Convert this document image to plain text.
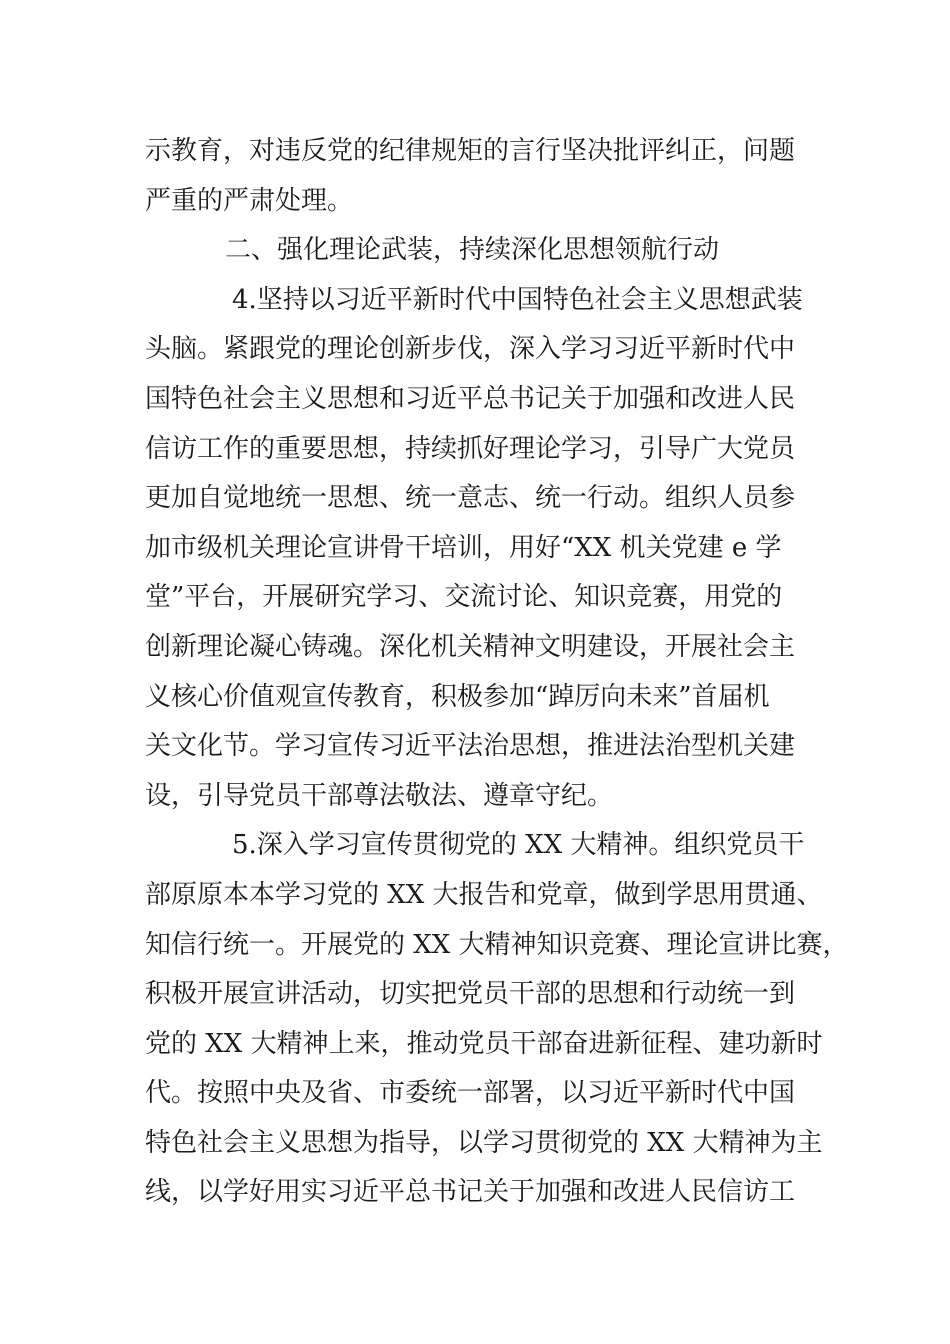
示教育，对违反党的纪律规矩的言行坚决批评纠正，问题
严重的严肃处理。
二、强化理论武装，持续深化思想领航行动
4.坚持以习近平新时代中国特色社会主义思想武装
头脑。紧跟党的理论创新步伐，深入学习习近平新时代中
国特色社会主义思想和习近平总书记关于加强和改进人民
信访工作的重要思想，持续抓好理论学习，引导广大党员
更加自觉地统一思想、统一意志、统一行动。组织人员参
加市级机关理论宣讲骨干培训，用好“XX 机关党建 e 学
堂”平台，开展研究学习、交流讨论、知识竞赛，用党的
创新理论凝心铸魂。深化机关精神文明建设，开展社会主
义核心价值观宣传教育，积极参加“踔厉向未来”首届机
关文化节。学习宣传习近平法治思想，推进法治型机关建
设，引导党员干部尊法敬法、遵章守纪。
5.深入学习宣传贯彻党的 XX 大精神。组织党员干
部原原本本学习党的 XX 大报告和党章，做到学思用贯通、
知信行统一。开展党的 XX 大精神知识竞赛、理论宣讲比赛，
积极开展宣讲活动，切实把党员干部的思想和行动统一到
党的 XX 大精神上来，推动党员干部奋进新征程、建功新时
代。按照中央及省、市委统一部署，以习近平新时代中国
特色社会主义思想为指导，以学习贯彻党的 XX 大精神为主
线，以学好用实习近平总书记关于加强和改进人民信访工
